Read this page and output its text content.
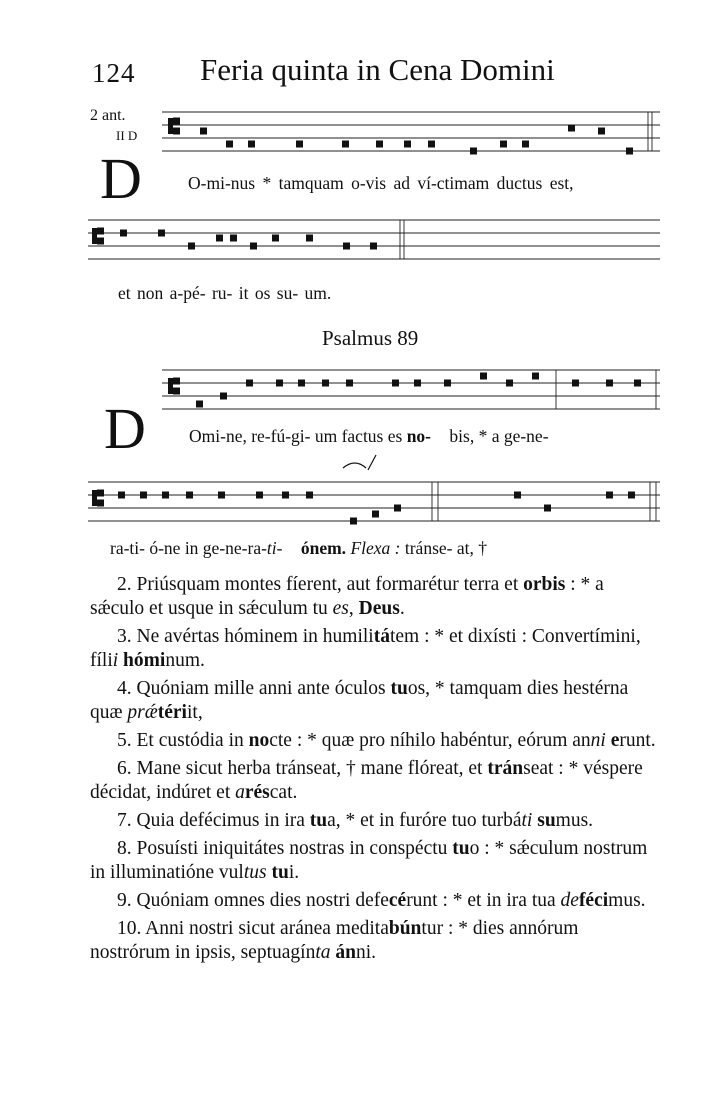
124 Feria quinta in Cena Domini
2 ant.
II D
D	O-mi-nus * tamquam o-vis ad ví-ctimam ductus est,
et non a-pé- ru- it os su- um.
Psalmus 89
D Omi-ne, re-fú-gi- um factus es no- bis, * a ge-ne-
ra-ti- ó-ne in ge-ne-ra-ti- ónem. Flexa : tránse- at, †

2. Priúsquam montes fíerent, aut formarétur terra et orbis : * a sǽculo et usque in sǽculum tu es, Deus.

3. Ne avértas hóminem in humilitátem : * et dixísti : Convertímini, fílii hóminum.

4. Quóniam mille anni ante óculos tuos, * tamquam dies hestérna quæ prǽtériit,

5. Et custódia in nocte : * quæ pro níhilo habéntur, eórum anni erunt.

6. Mane sicut herba tránseat, † mane flóreat, et tránseat : * véspere décidat, indúret et aréscat.

7. Quia defécimus in ira tua, * et in furóre tuo turbáti sumus.

8. Posuísti iniquitátes nostras in conspéctu tuo : * sǽculum nostrum in illuminatióne vultus tui.

9. Quóniam omnes dies nostri defecérunt : * et in ira tua defécimus.

10. Anni nostri sicut aránea meditabúntur : * dies annórum nostrórum in ipsis, septuagínta ánni.
